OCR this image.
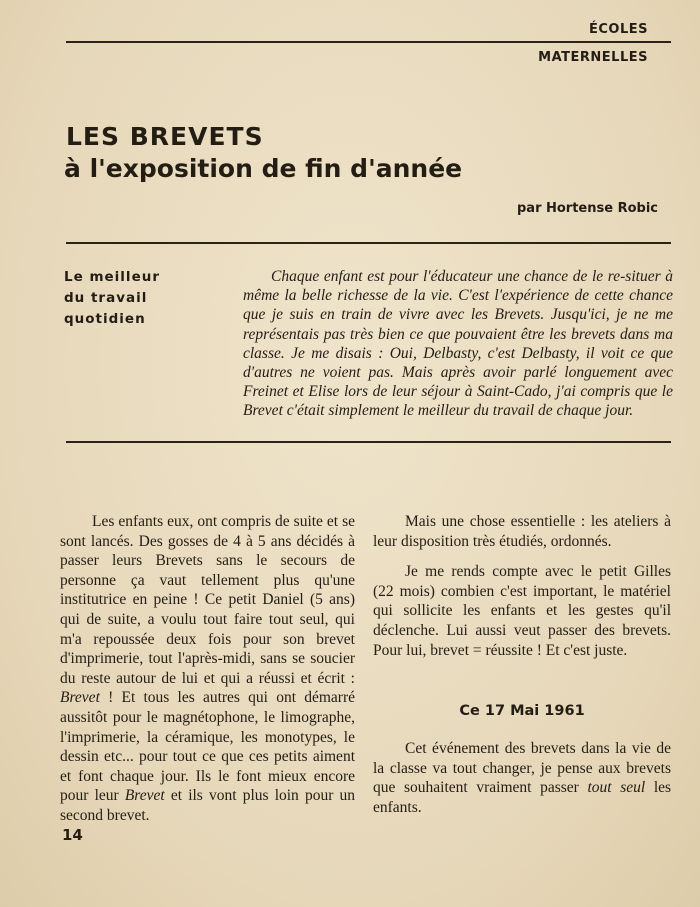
ÉCOLES
MATERNELLES
LES BREVETS
à l'exposition de fin d'année
par Hortense Robic
Le meilleur
du travail
quotidien
Chaque enfant est pour l'éducateur une chance de le re-situer à même la belle richesse de la vie. C'est l'expérience de cette chance que je suis en train de vivre avec les Brevets. Jusqu'ici, je ne me représentais pas très bien ce que pouvaient être les brevets dans ma classe. Je me disais : Oui, Delbasty, c'est Delbasty, il voit ce que d'autres ne voient pas. Mais après avoir parlé longuement avec Freinet et Elise lors de leur séjour à Saint-Cado, j'ai compris que le Brevet c'était simplement le meilleur du travail de chaque jour.

Les enfants eux, ont compris de suite et se sont lancés. Des gosses de 4 à 5 ans décidés à passer leurs Brevets sans le secours de personne ça vaut tellement plus qu'une institutrice en peine ! Ce petit Daniel (5 ans) qui de suite, a voulu tout faire tout seul, qui m'a repoussée deux fois pour son brevet d'imprimerie, tout l'après-midi, sans se soucier du reste autour de lui et qui a réussi et écrit : Brevet ! Et tous les autres qui ont démarré aussitôt pour le magnétophone, le limographe, l'imprimerie, la céramique, les monotypes, le dessin etc... pour tout ce que ces petits aiment et font chaque jour. Ils le font mieux encore pour leur Brevet et ils vont plus loin pour un second brevet.

Mais une chose essentielle : les ateliers à leur disposition très étudiés, ordonnés.

Je me rends compte avec le petit Gilles (22 mois) combien c'est important, le matériel qui sollicite les enfants et les gestes qu'il déclenche. Lui aussi veut passer des brevets. Pour lui, brevet = réussite ! Et c'est juste.

Ce 17 Mai 1961

Cet événement des brevets dans la vie de la classe va tout changer, je pense aux brevets que souhaitent vraiment passer tout seul les enfants.

14
